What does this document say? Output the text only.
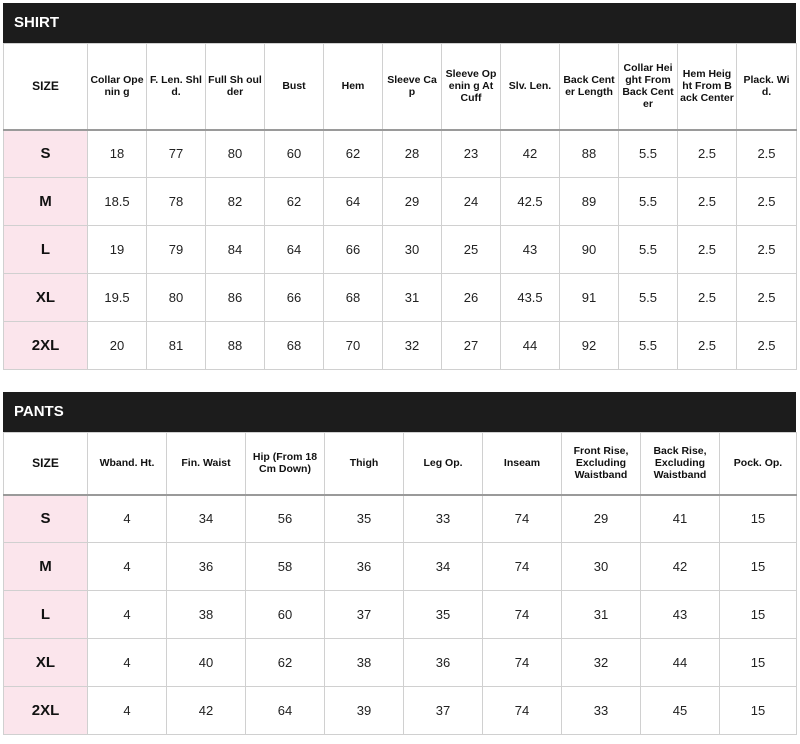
SHIRT
SIZE	Collar Openin g	F. Len. Shld.	Full Sh oulder	Bust	Hem	Sleeve Cap	Sleeve Openin g At Cuff	Slv. Len.	Back Center Length	Collar Height From Back Center	Hem Height From Back Center	Plack. Wid.
S	18	77	80	60	62	28	23	42	88	5.5	2.5	2.5
M	18.5	78	82	62	64	29	24	42.5	89	5.5	2.5	2.5
L	19	79	84	64	66	30	25	43	90	5.5	2.5	2.5
XL	19.5	80	86	66	68	31	26	43.5	91	5.5	2.5	2.5
2XL	20	81	88	68	70	32	27	44	92	5.5	2.5	2.5
PANTS
SIZE	Wband. Ht.	Fin. Waist	Hip (From 18 Cm Down)	Thigh	Leg Op.	Inseam	Front Rise, Excluding Waistband	Back Rise, Excluding Waistband	Pock. Op.
S	4	34	56	35	33	74	29	41	15
M	4	36	58	36	34	74	30	42	15
L	4	38	60	37	35	74	31	43	15
XL	4	40	62	38	36	74	32	44	15
2XL	4	42	64	39	37	74	33	45	15
